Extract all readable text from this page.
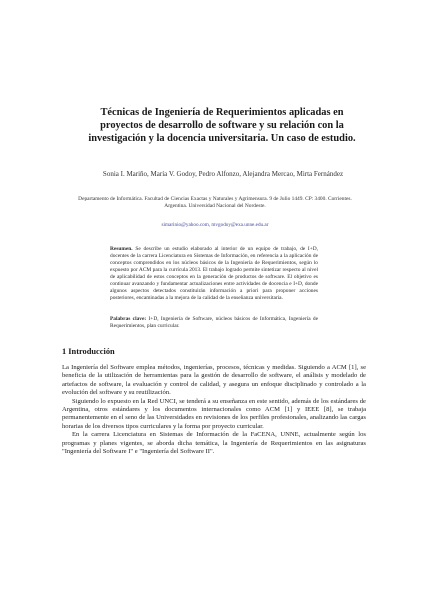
Técnicas de Ingeniería de Requerimientos aplicadas en proyectos de desarrollo de software y su relación con la investigación y la docencia universitaria. Un caso de estudio.
Sonia I. Mariño, María V. Godoy, Pedro Alfonzo, Alejandra Mercao, Mirta Fernández
Departamento de Informática. Facultad de Ciencias Exactas y Naturales y Agrimensura. 9 de Julio 1449. CP: 3400. Corrientes. Argentina. Universidad Nacional del Nordeste.
simarinio@yahoo.com, mvgodoy@exa.unne.edu.ar

Resumen. Se describe un estudio elaborado al interior de un equipo de trabajo, de I+D, docentes de la carrera Licenciatura en Sistemas de Información, en referencia a la aplicación de conceptos comprendidos en los núcleos básicos de la Ingeniería de Requerimientos, según lo expuesto por ACM para la currícula 2013. El trabajo logrado permite sintetizar respecto al nivel de aplicabilidad de estos conceptos en la generación de productos de software. El objetivo es continuar avanzando y fundamentar actualizaciones entre actividades de docencia e I+D, donde algunos aspectos detectados constituirán información a priori para proponer acciones posteriores, encaminadas a la mejora de la calidad de la enseñanza universitaria.

Palabras clave: I+D, Ingeniería de Software, núcleos básicos de Informática, Ingeniería de Requerimientos, plan curricular.

1 Introducción

La Ingeniería del Software emplea métodos, ingenierías, procesos, técnicas y medidas. Siguiendo a ACM [1], se beneficia de la utilización de herramientas para la gestión de desarrollo de software, el análisis y modelado de artefactos de software, la evaluación y control de calidad, y asegura un enfoque disciplinado y controlado a la evolución del software y su reutilización.

Siguiendo lo expuesto en la Red UNCI, se tenderá a su enseñanza en este sentido, además de los estándares de Argentina, otros estándares y los documentos internacionales como ACM [1] y IEEE [8], se trabaja permanentemente en el seno de las Universidades en revisiones de los perfiles profesionales, analizando las cargas horarias de los diversos tipos curriculares y la forma por proyecto curricular.

En la carrera Licenciatura en Sistemas de Información de la FaCENA, UNNE, actualmente según los programas y planes vigentes, se aborda dicha temática, la Ingeniería de Requerimientos en las asignaturas "Ingeniería del Software I" e "Ingeniería del Software II".
